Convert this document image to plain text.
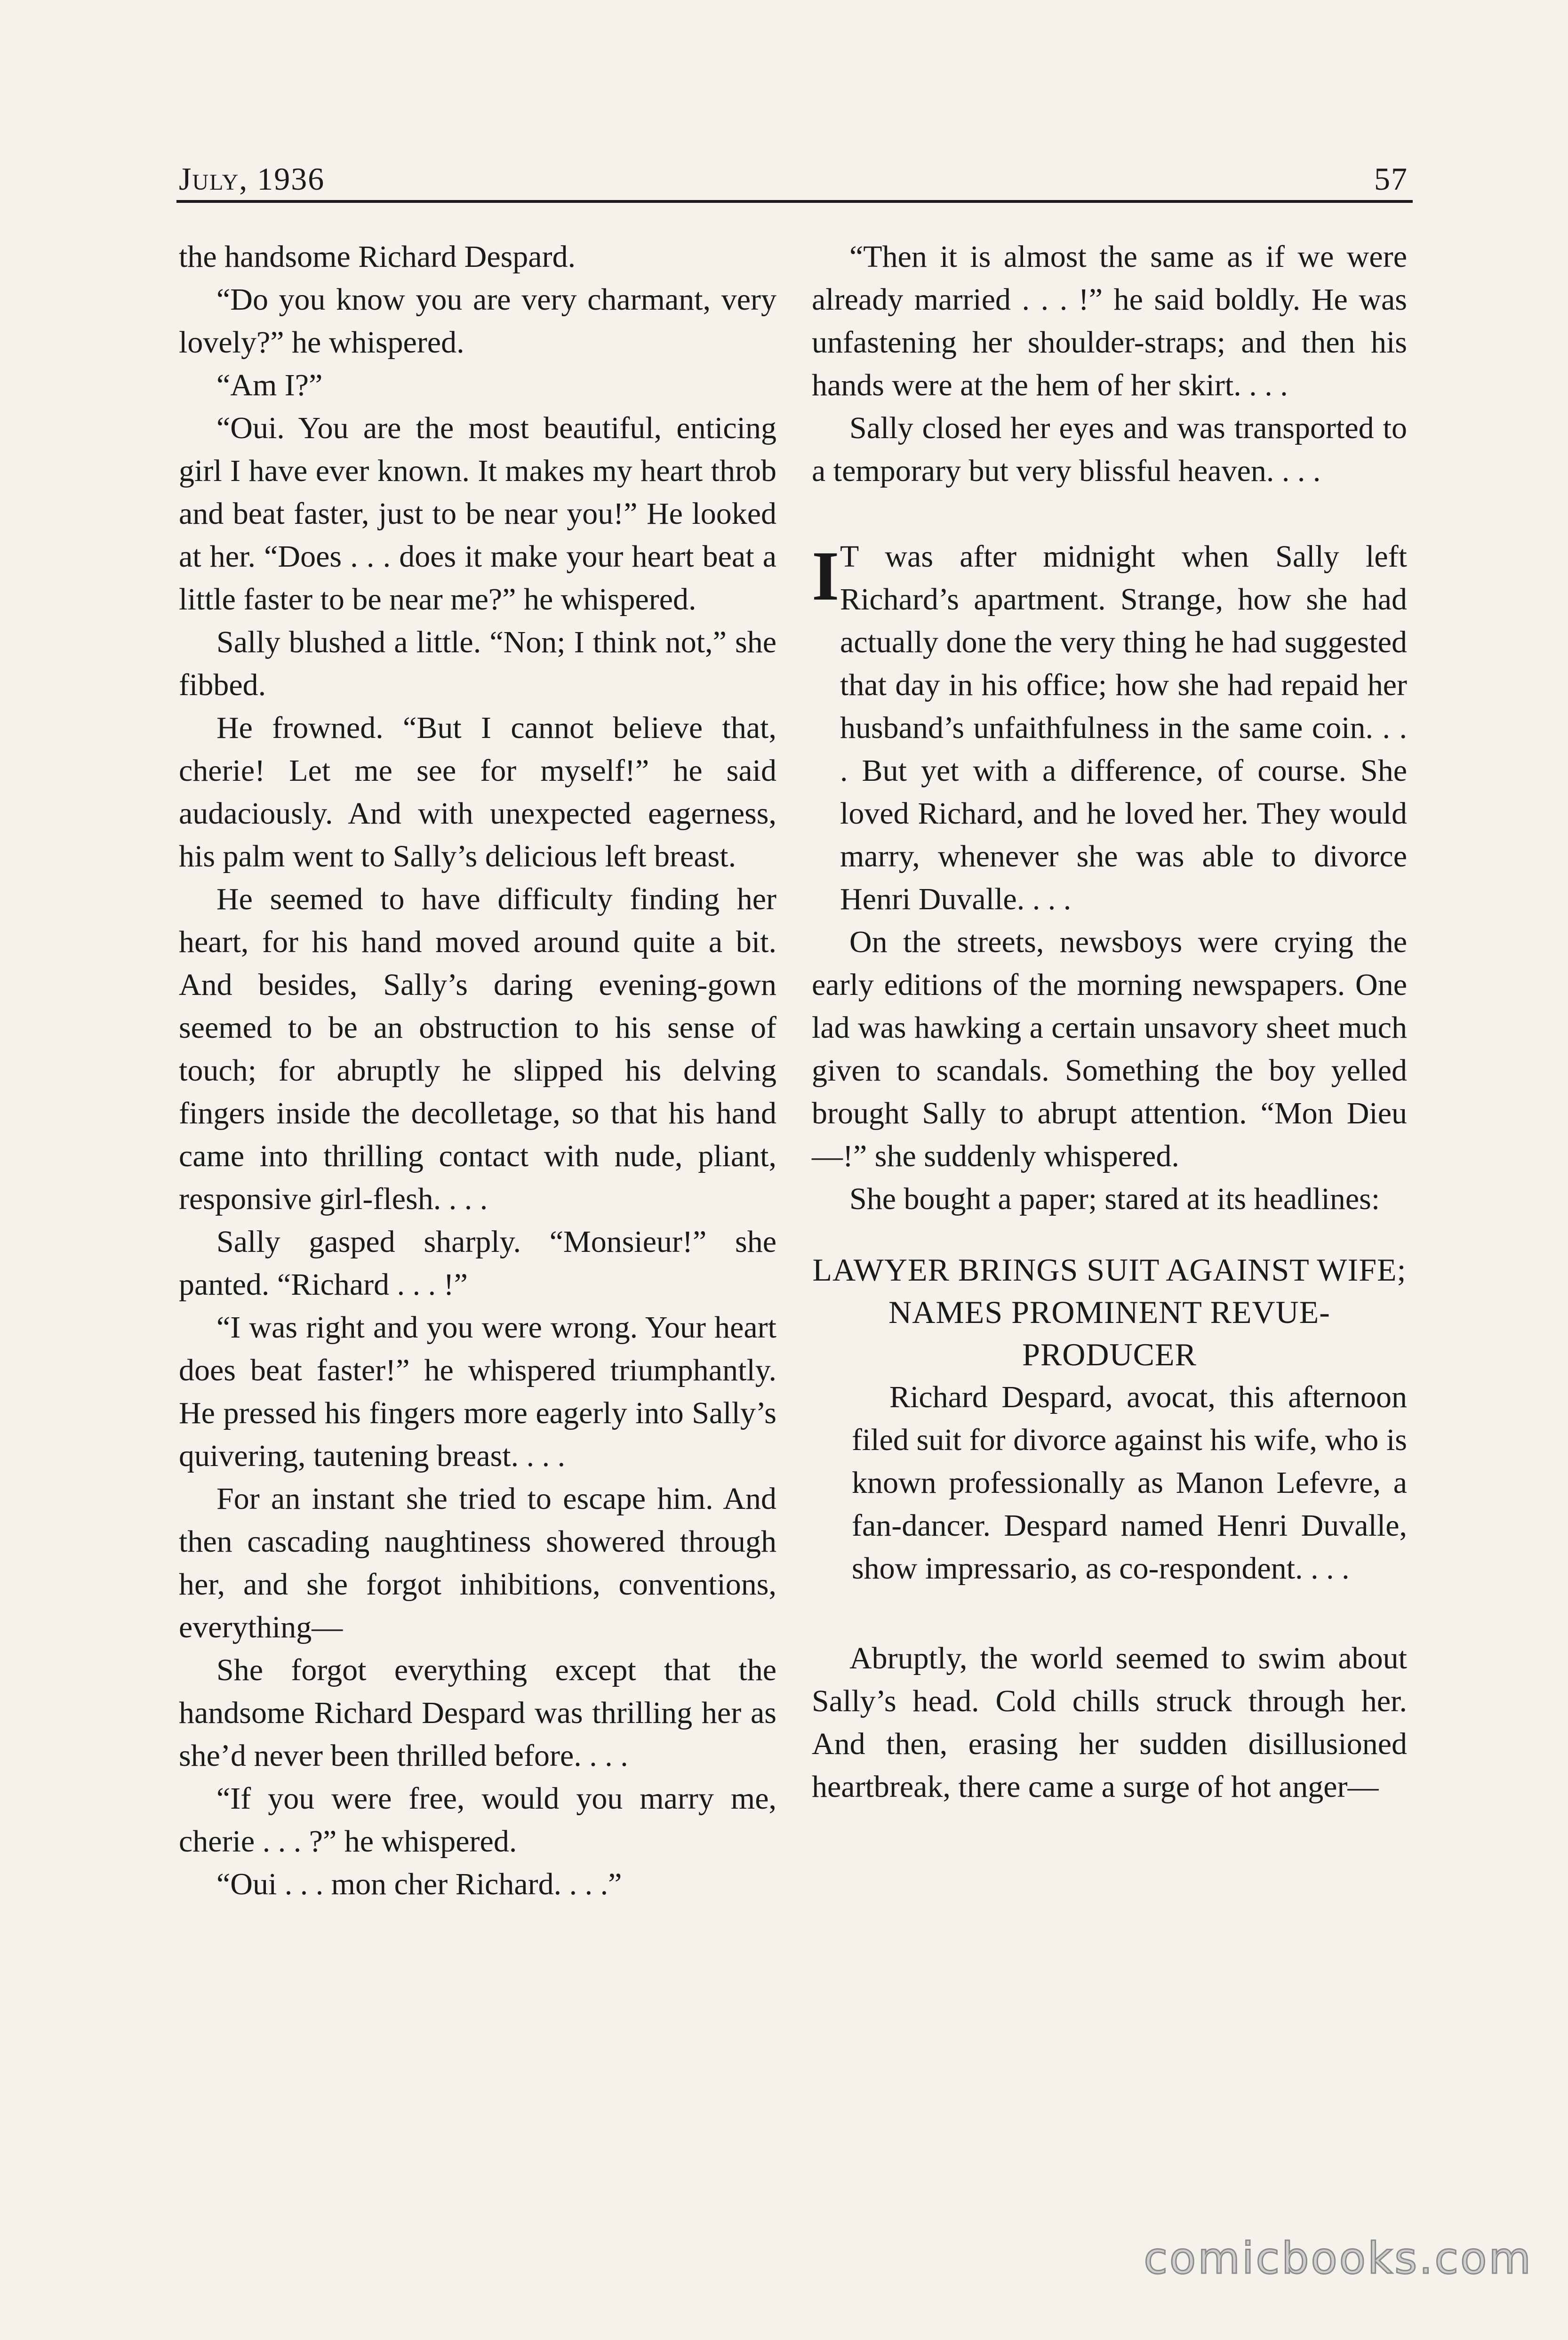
July, 1936	57

the handsome Richard Despard.

“Do you know you are very charmant, very lovely?” he whispered.

“Am I?”

“Oui. You are the most beautiful, enticing girl I have ever known. It makes my heart throb and beat faster, just to be near you!” He looked at her. “Does . . . does it make your heart beat a little faster to be near me?” he whispered.

Sally blushed a little. “Non; I think not,” she fibbed.

He frowned. “But I cannot believe that, cherie! Let me see for myself!” he said audaciously. And with unexpected eagerness, his palm went to Sally’s delicious left breast.

He seemed to have difficulty finding her heart, for his hand moved around quite a bit. And besides, Sally’s daring evening-gown seemed to be an obstruction to his sense of touch; for abruptly he slipped his delving fingers inside the decolletage, so that his hand came into thrilling contact with nude, pliant, responsive girl-flesh. . . .

Sally gasped sharply. “Monsieur!” she panted. “Richard . . . !”

“I was right and you were wrong. Your heart does beat faster!” he whispered triumphantly. He pressed his fingers more eagerly into Sally’s quivering, tautening breast. . . .

For an instant she tried to escape him. And then cascading naughtiness showered through her, and she forgot inhibitions, conventions, everything—

She forgot everything except that the handsome Richard Despard was thrilling her as she’d never been thrilled before. . . .

“If you were free, would you marry me, cherie . . . ?” he whispered.

“Oui . . . mon cher Richard. . . .”

“Then it is almost the same as if we were already married . . . !” he said boldly. He was unfastening her shoulder-straps; and then his hands were at the hem of her skirt. . . .

Sally closed her eyes and was transported to a temporary but very blissful heaven. . . .

I T was after midnight when Sally left Richard’s apartment. Strange, how she had actually done the very thing he had suggested that day in his office; how she had repaid her husband’s unfaithfulness in the same coin. . . . But yet with a difference, of course. She loved Richard, and he loved her. They would marry, whenever she was able to divorce Henri Duvalle. . . .

On the streets, newsboys were crying the early editions of the morning newspapers. One lad was hawking a certain unsavory sheet much given to scandals. Something the boy yelled brought Sally to abrupt attention. “Mon Dieu—!” she suddenly whispered.

She bought a paper; stared at its headlines:

LAWYER BRINGS SUIT AGAINST WIFE; NAMES PROMINENT REVUE-PRODUCER

Richard Despard, avocat, this afternoon filed suit for divorce against his wife, who is known professionally as Manon Lefevre, a fan-dancer. Despard named Henri Duvalle, show impressario, as co-respondent. . . .

Abruptly, the world seemed to swim about Sally’s head. Cold chills struck through her. And then, erasing her sudden disillusioned heartbreak, there came a surge of hot anger—

comicbooks.com
